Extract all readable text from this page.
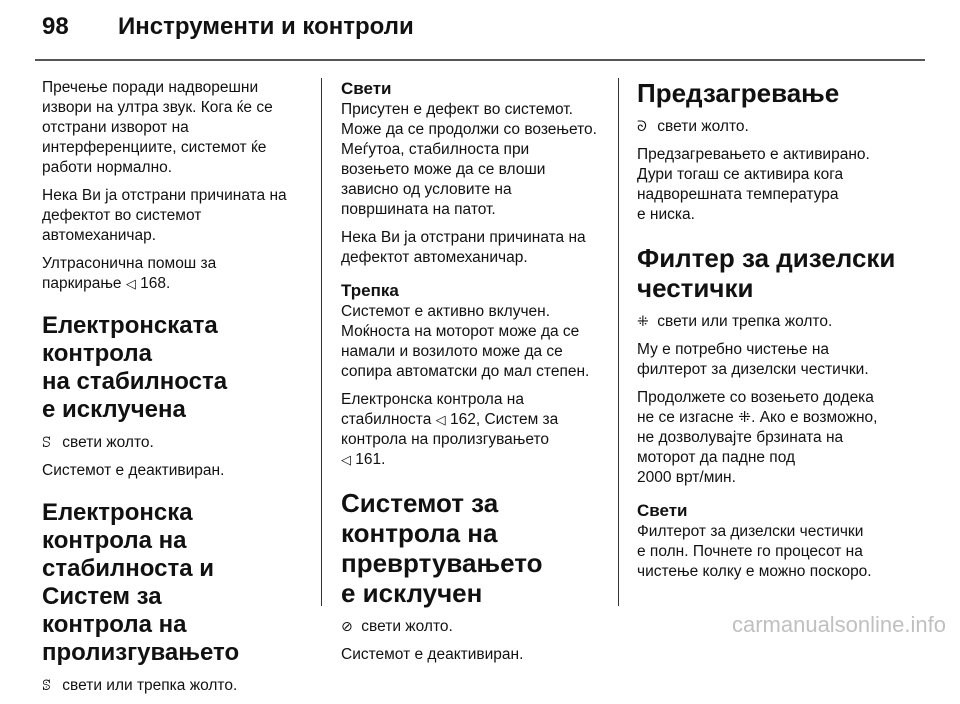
98 Инструменти и контроли

Пречење поради надворешни
извори на ултра звук. Кога ќе се
отстрани изворот на
интерференциите, системот ќе
работи нормално.

Нека Ви ја отстрани причината на
дефектот во системот
автомеханичар.

Ултрасонична помош за
паркирање ◁ 168.

Електронската контрола
на стабилноста
е исклучена

ꕶ свети жолто.

Системот е деактивиран.

Електронска контрола на
стабилноста и Систем за
контрола на
пролизгувањето

ꕷ свети или трепка жолто.

Свети

Присутен е дефект во системот.
Може да се продолжи со возењето.
Меѓутоа, стабилноста при
возењето може да се влоши
зависно од условите на
површината на патот.

Нека Ви ја отстрани причината на
дефектот автомеханичар.

Трепка

Системот е активно вклучен.
Моќноста на моторот може да се
намали и возилото може да се
сопира автоматски до мал степен.

Електронска контрола на
стабилноста ◁ 162, Систем за
контрола на пролизгувањето
◁ 161.

Системот за контрола на
превртувањето
е исклучен

⊘ свети жолто.

Системот е деактивиран.

Предзагревање

ᘐ свети жолто.

Предзагревањето е активирано.
Дури тогаш се активира кога
надворешната температура
е ниска.

Филтер за дизелски
честички

⁜ свети или трепка жолто.

Му е потребно чистење на
филтерот за дизелски честички.

Продолжете со возењето додека
не се изгасне ⁜. Ако е возможно,
не дозволувајте брзината на
моторот да падне под
2000 врт/мин.

Свети

Филтерот за дизелски честички
е полн. Почнете го процесот на
чистење колку е можно поскоро.

carmanualsonline.info
